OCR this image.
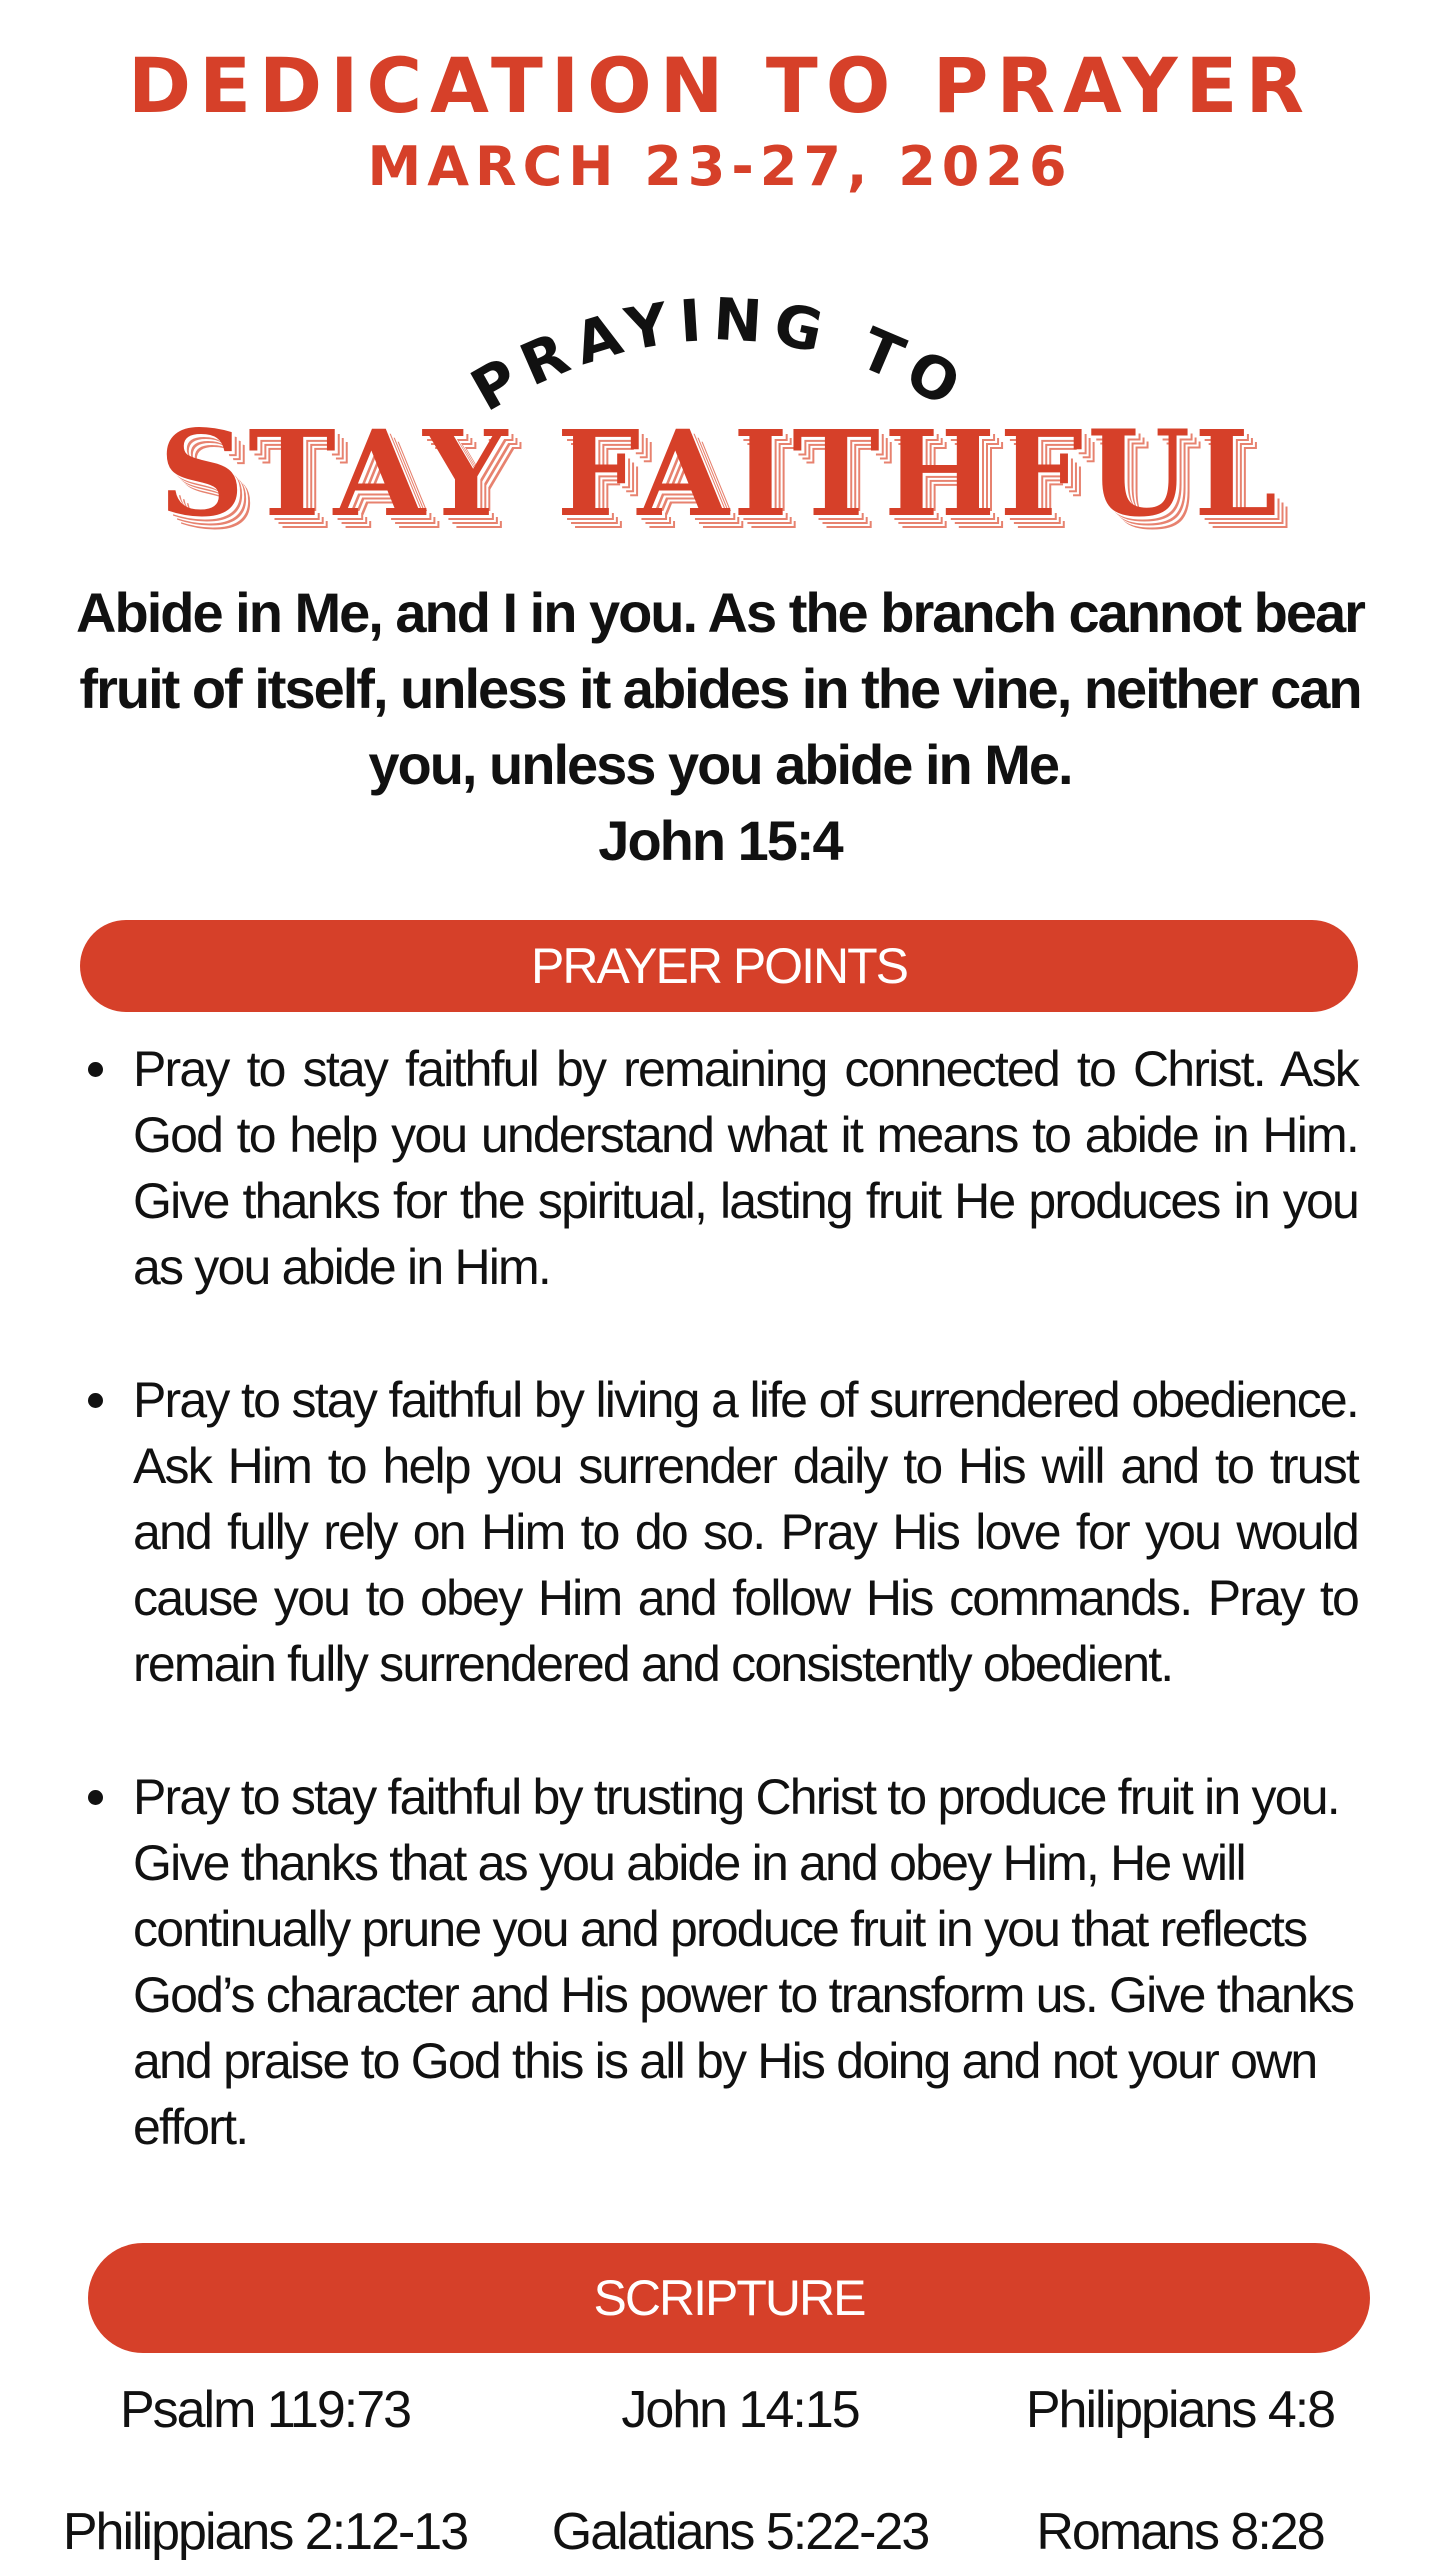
DEDICATION TO PRAYER
MARCH 23-27, 2026
PRAYING TO
STAY FAITHFUL
Abide in Me, and I in you. As the branch cannot bear fruit of itself, unless it abides in the vine, neither can you, unless you abide in Me.
John 15:4
PRAYER POINTS
Pray to stay faithful by remaining connected to Christ. Ask God to help you understand what it means to abide in Him. Give thanks for the spiritual, lasting fruit He produces in you as you abide in Him.
Pray to stay faithful by living a life of surrendered obedience. Ask Him to help you surrender daily to His will and to trust and fully rely on Him to do so. Pray His love for you would cause you to obey Him and follow His commands. Pray to remain fully surrendered and consistently obedient.
Pray to stay faithful by trusting Christ to produce fruit in you. Give thanks that as you abide in and obey Him, He will continually prune you and produce fruit in you that reflects God’s character and His power to transform us. Give thanks and praise to God this is all by His doing and not your own effort.
SCRIPTURE
Psalm 119:73	John 14:15	Philippians 4:8
Philippians 2:12-13	Galatians 5:22-23	Romans 8:28
